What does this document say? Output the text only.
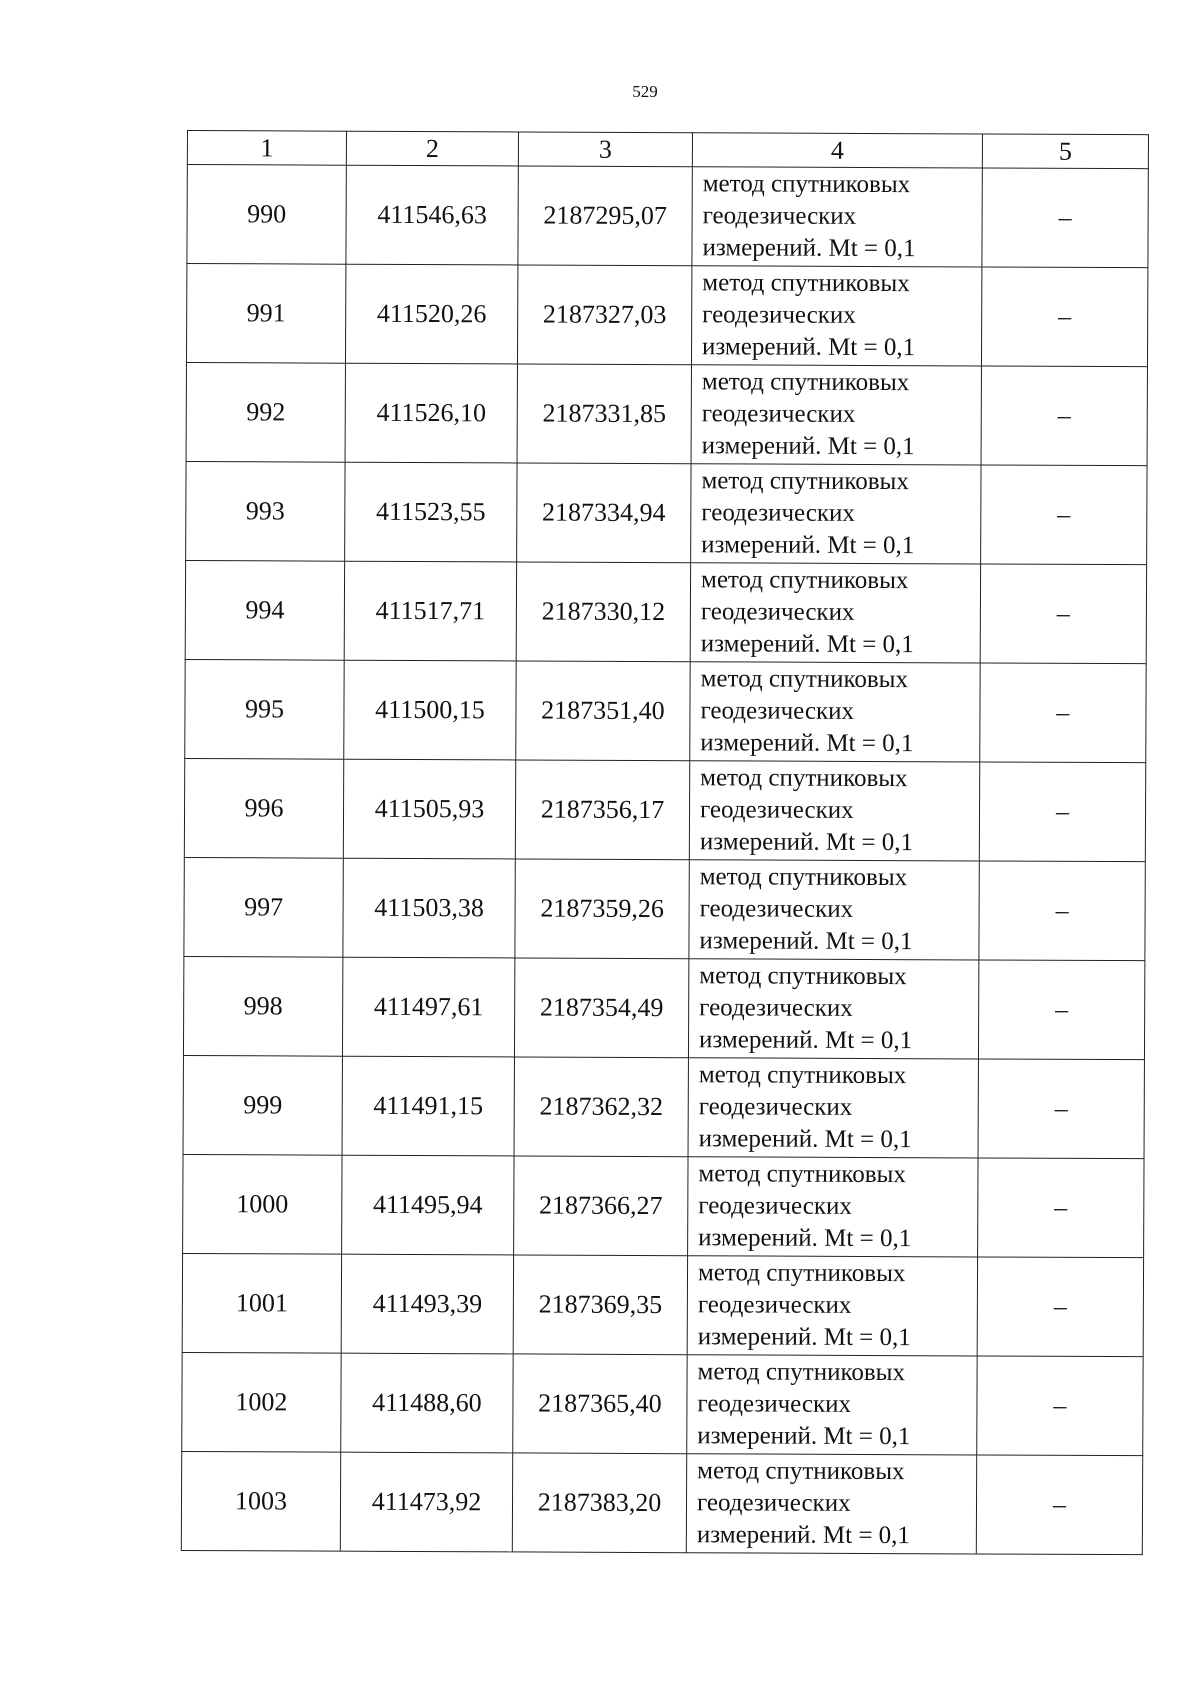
529
1	2	3	4	5
990	411546,63	2187295,07	метод спутниковых
геодезических
измерений. Mt = 0,1	–
991	411520,26	2187327,03	метод спутниковых
геодезических
измерений. Mt = 0,1	–
992	411526,10	2187331,85	метод спутниковых
геодезических
измерений. Mt = 0,1	–
993	411523,55	2187334,94	метод спутниковых
геодезических
измерений. Mt = 0,1	–
994	411517,71	2187330,12	метод спутниковых
геодезических
измерений. Mt = 0,1	–
995	411500,15	2187351,40	метод спутниковых
геодезических
измерений. Mt = 0,1	–
996	411505,93	2187356,17	метод спутниковых
геодезических
измерений. Mt = 0,1	–
997	411503,38	2187359,26	метод спутниковых
геодезических
измерений. Mt = 0,1	–
998	411497,61	2187354,49	метод спутниковых
геодезических
измерений. Mt = 0,1	–
999	411491,15	2187362,32	метод спутниковых
геодезических
измерений. Mt = 0,1	–
1000	411495,94	2187366,27	метод спутниковых
геодезических
измерений. Mt = 0,1	–
1001	411493,39	2187369,35	метод спутниковых
геодезических
измерений. Mt = 0,1	–
1002	411488,60	2187365,40	метод спутниковых
геодезических
измерений. Mt = 0,1	–
1003	411473,92	2187383,20	метод спутниковых
геодезических
измерений. Mt = 0,1	–
